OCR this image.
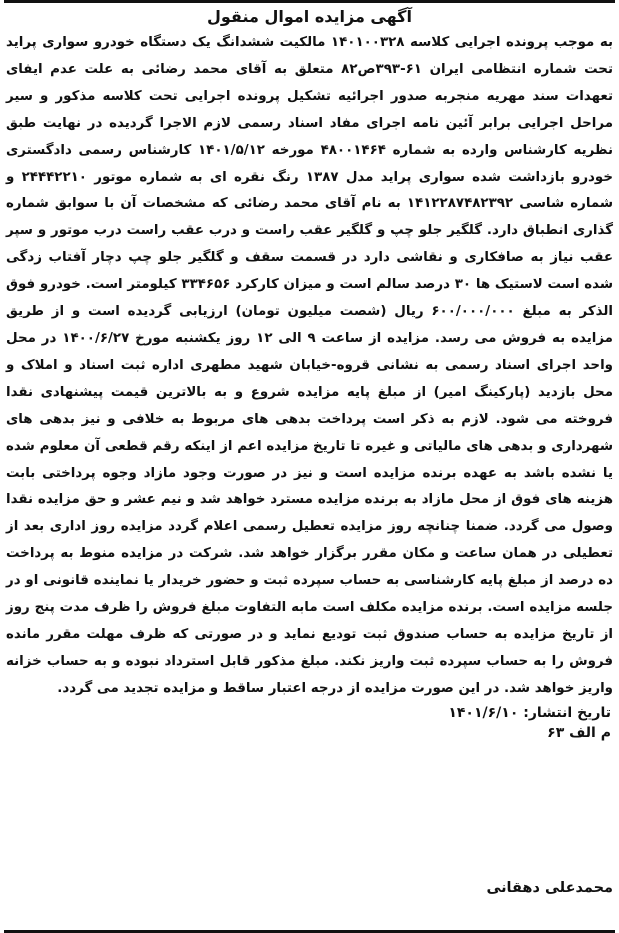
آگهی مزایده اموال منقول

به موجب پرونده اجرایی کلاسه ۱۴۰۱۰۰۳۲۸ مالکیت ششدانگ یک دستگاه خودرو سواری پراید تحت شماره انتظامی ایران ۶۱-۳۹۳ص۸۲ متعلق به آقای محمد رضائی به علت عدم ایفای تعهدات سند مهریه منجربه صدور اجرائیه تشکیل پرونده اجرایی تحت کلاسه مذکور و سیر مراحل اجرایی برابر آئین نامه اجرای مفاد اسناد رسمی لازم الاجرا گردیده در نهایت طبق نظریه کارشناس وارده به شماره ۴۸۰۰۱۴۶۴ مورخه ۱۴۰۱/۵/۱۲ کارشناس رسمی دادگستری خودرو بازداشت شده سواری پراید مدل ۱۳۸۷ رنگ نقره ای به شماره موتور ۲۴۴۴۲۲۱۰ و شماره شاسی ۱۴۱۲۲۸۷۴۸۲۳۹۲ به نام آقای محمد رضائی که مشخصات آن با سوابق شماره گذاری انطباق دارد. گلگیر جلو چپ و گلگیر عقب راست و درب عقب راست درب موتور و سپر عقب نیاز به صافکاری و نقاشی دارد در قسمت سقف و گلگیر جلو چپ دچار آفتاب زدگی شده است لاستیک ها ۳۰ درصد سالم است و میزان کارکرد ۳۳۴۶۵۶ کیلومتر است. خودرو فوق الذکر به مبلغ ۶۰۰/۰۰۰/۰۰۰ ریال (شصت میلیون تومان) ارزیابی گردیده است و از طریق مزایده به فروش می رسد. مزایده از ساعت ۹ الی ۱۲ روز یکشنبه مورخ ۱۴۰۰/۶/۲۷ در محل واحد اجرای اسناد رسمی به نشانی قروه-خیابان شهید مطهری اداره ثبت اسناد و املاک و محل بازدید (پارکینگ امیر) از مبلغ پایه مزایده شروع و به بالاترین قیمت پیشنهادی نقدا فروخته می شود. لازم به ذکر است پرداخت بدهی های مربوط به خلافی و نیز بدهی های شهرداری و بدهی های مالیاتی و غیره تا تاریخ مزایده اعم از اینکه رقم قطعی آن معلوم شده یا نشده باشد به عهده برنده مزایده است و نیز در صورت وجود مازاد وجوه پرداختی بابت هزینه های فوق از محل مازاد به برنده مزایده مسترد خواهد شد و نیم عشر و حق مزایده نقدا وصول می گردد. ضمنا چنانچه روز مزایده تعطیل رسمی اعلام گردد مزایده روز اداری بعد از تعطیلی در همان ساعت و مکان مقرر برگزار خواهد شد. شرکت در مزایده منوط به پرداخت ده درصد از مبلغ پایه کارشناسی به حساب سپرده ثبت و حضور خریدار یا نماینده قانونی او در جلسه مزایده است. برنده مزایده مکلف است مابه التفاوت مبلغ فروش را ظرف مدت پنج روز از تاریخ مزایده به حساب صندوق ثبت تودیع نماید و در صورتی که ظرف مهلت مقرر مانده فروش را به حساب سپرده ثبت واریز نکند. مبلغ مذکور قابل استرداد نبوده و به حساب خزانه واریز خواهد شد. در این صورت مزایده از درجه اعتبار ساقط و مزایده تجدید می گردد.

تاریخ انتشار: ۱۴۰۱/۶/۱۰

م الف ۶۳

محمدعلی دهقانی
